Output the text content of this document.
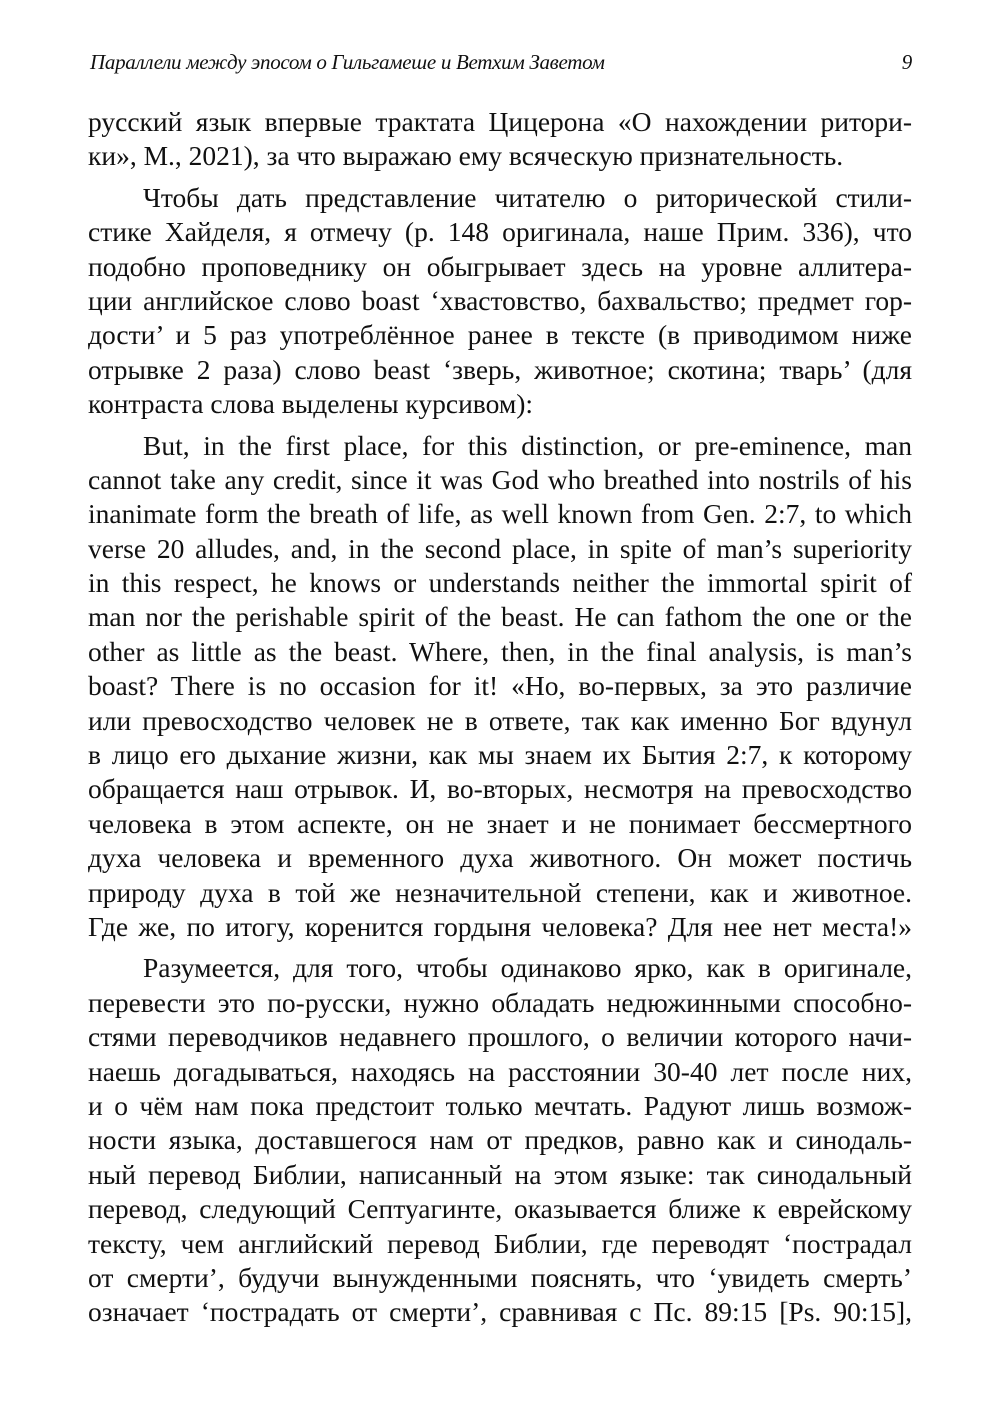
Параллели между эпосом о Гильгамеше и Ветхим Заветом	9
русский язык впервые трактата Цицерона «О нахождении ритори-
ки», М., 2021), за что выражаю ему всяческую признательность.
Чтобы дать представление читателю о риторической стили-
стике Хайделя, я отмечу (p. 148 оригинала, наше Прим. 336), что
подобно проповеднику он обыгрывает здесь на уровне аллитера-
ции английское слово boast ‘хвастовство, бахвальство; предмет гор-
дости’ и 5 раз употреблённое ранее в тексте (в приводимом ниже
отрывке 2 раза) слово beast ‘зверь, животное; скотина; тварь’ (для
контраста слова выделены курсивом):
But, in the first place, for this distinction, or pre-eminence, man
cannot take any credit, since it was God who breathed into nostrils of his
inanimate form the breath of life, as well known from Gen. 2:7, to which
verse 20 alludes, and, in the second place, in spite of man’s superiority
in this respect, he knows or understands neither the immortal spirit of
man nor the perishable spirit of the beast. He can fathom the one or the
other as little as the beast. Where, then, in the final analysis, is man’s
boast? There is no occasion for it! «Но, во-первых, за это различие
или превосходство человек не в ответе, так как именно Бог вдунул
в лицо его дыхание жизни, как мы знаем их Бытия 2:7, к которому
обращается наш отрывок. И, во-вторых, несмотря на превосходство
человека в этом аспекте, он не знает и не понимает бессмертного
духа человека и временного духа животного. Он может постичь
природу духа в той же незначительной степени, как и животное.
Где же, по итогу, коренится гордыня человека? Для нее нет места!»
Разумеется, для того, чтобы одинаково ярко, как в оригинале,
перевести это по-русски, нужно обладать недюжинными способно-
стями переводчиков недавнего прошлого, о величии которого начи-
наешь догадываться, находясь на расстоянии 30-40 лет после них,
и о чём нам пока предстоит только мечтать. Радуют лишь возмож-
ности языка, доставшегося нам от предков, равно как и синодаль-
ный перевод Библии, написанный на этом языке: так синодальный
перевод, следующий Септуагинте, оказывается ближе к еврейскому
тексту, чем английский перевод Библии, где переводят ‘пострадал
от смерти’, будучи вынужденными пояснять, что ‘увидеть смерть’
означает ‘пострадать от смерти’, сравнивая с Пс. 89:15 [Ps. 90:15],
